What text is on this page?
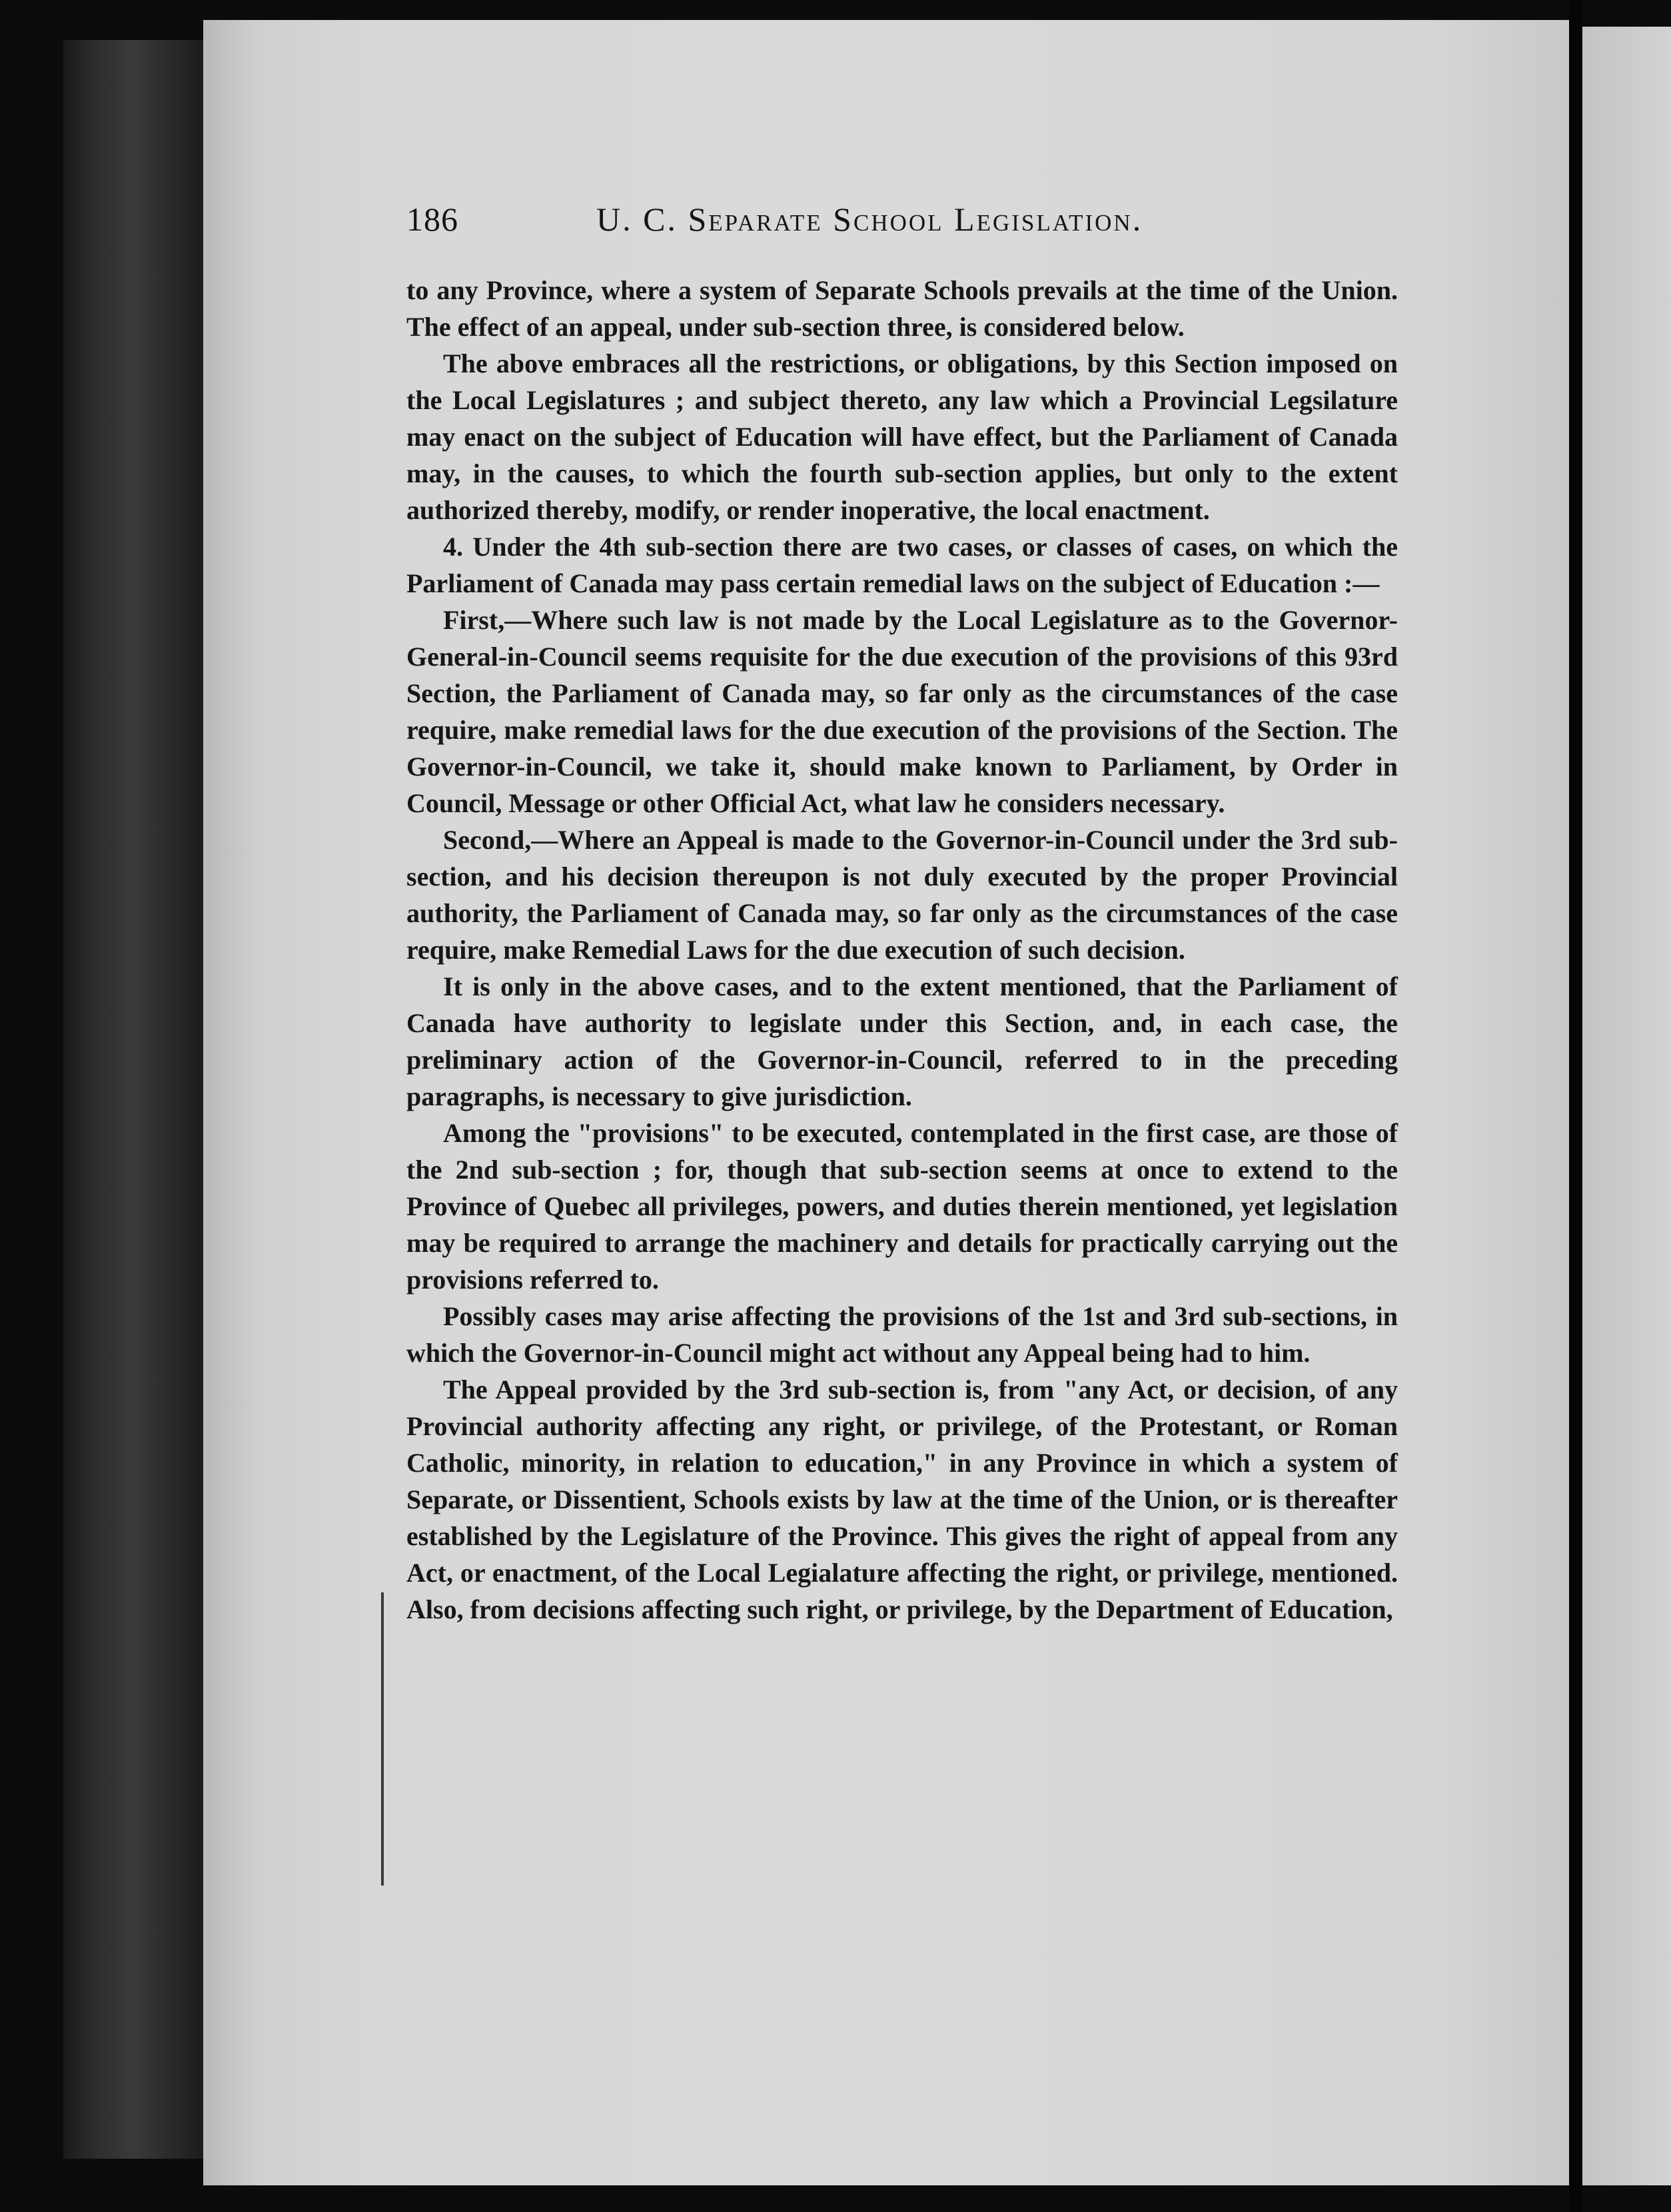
186	U. C. Separate School Legislation.

to any Province, where a system of Separate Schools prevails at the time of the Union. The effect of an appeal, under sub-section three, is considered below.

The above embraces all the restrictions, or obligations, by this Section imposed on the Local Legislatures ; and subject thereto, any law which a Provincial Legsilature may enact on the subject of Education will have effect, but the Parliament of Canada may, in the causes, to which the fourth sub-section applies, but only to the extent authorized thereby, modify, or render inoperative, the local enactment.

4. Under the 4th sub-section there are two cases, or classes of cases, on which the Parliament of Canada may pass certain remedial laws on the subject of Education :—

First,—Where such law is not made by the Local Legislature as to the Governor-General-in-Council seems requisite for the due execution of the provisions of this 93rd Section, the Parliament of Canada may, so far only as the circumstances of the case require, make remedial laws for the due execution of the provisions of the Section. The Governor-in-Council, we take it, should make known to Parliament, by Order in Council, Message or other Official Act, what law he considers necessary.

Second,—Where an Appeal is made to the Governor-in-Council under the 3rd sub-section, and his decision thereupon is not duly executed by the proper Provincial authority, the Parliament of Canada may, so far only as the circumstances of the case require, make Remedial Laws for the due execution of such decision.

It is only in the above cases, and to the extent mentioned, that the Parliament of Canada have authority to legislate under this Section, and, in each case, the preliminary action of the Governor-in-Council, referred to in the preceding paragraphs, is necessary to give jurisdiction.

Among the "provisions" to be executed, contemplated in the first case, are those of the 2nd sub-section ; for, though that sub-section seems at once to extend to the Province of Quebec all privileges, powers, and duties therein mentioned, yet legislation may be required to arrange the machinery and details for practically carrying out the provisions referred to.

Possibly cases may arise affecting the provisions of the 1st and 3rd sub-sections, in which the Governor-in-Council might act without any Appeal being had to him.

The Appeal provided by the 3rd sub-section is, from "any Act, or decision, of any Provincial authority affecting any right, or privilege, of the Protestant, or Roman Catholic, minority, in relation to education," in any Province in which a system of Separate, or Dissentient, Schools exists by law at the time of the Union, or is thereafter established by the Legislature of the Province. This gives the right of appeal from any Act, or enactment, of the Local Legialature affecting the right, or privilege, mentioned. Also, from decisions affecting such right, or privilege, by the Department of Education,
